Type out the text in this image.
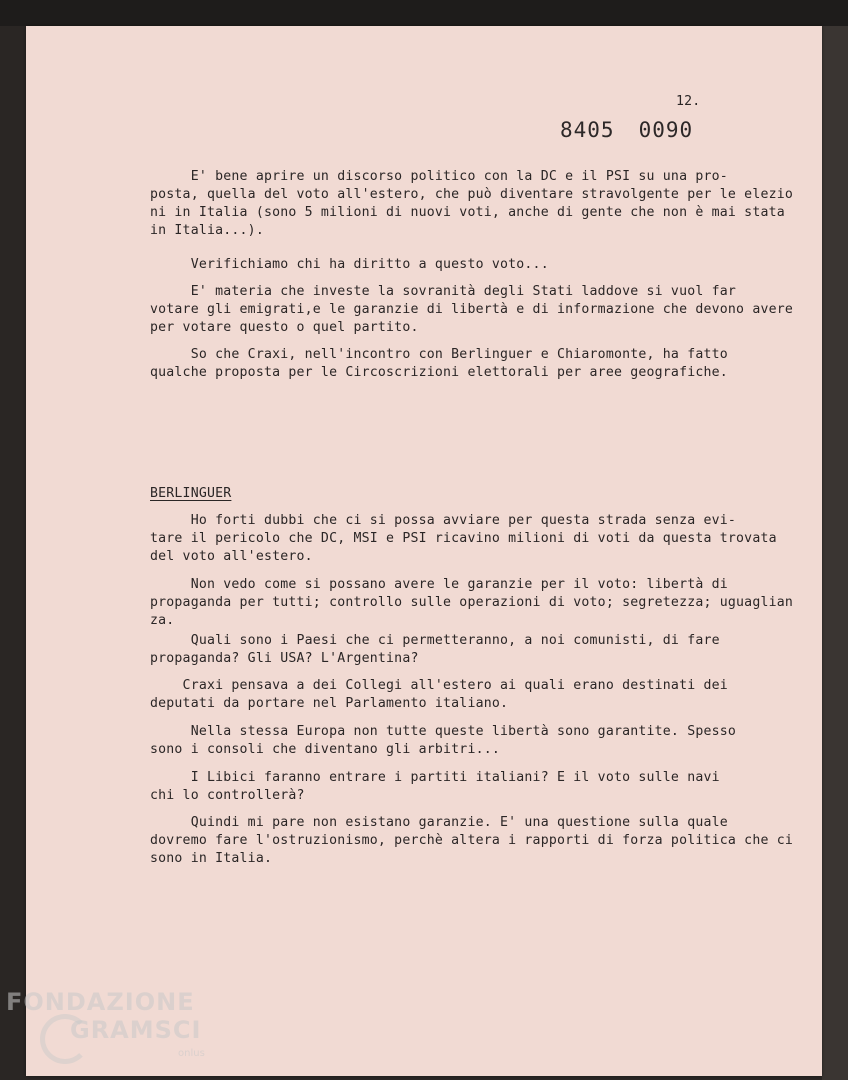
12.
8405 0090
E' bene aprire un discorso politico con la DC e il PSI su una pro-
posta, quella del voto all'estero, che può diventare stravolgente per le elezio
ni in Italia (sono 5 milioni di nuovi voti, anche di gente che non è mai stata
in Italia...).
Verifichiamo chi ha diritto a questo voto...
E' materia che investe la sovranità degli Stati laddove si vuol far
votare gli emigrati,e le garanzie di libertà e di informazione che devono avere
per votare questo o quel partito.
So che Craxi, nell'incontro con Berlinguer e Chiaromonte, ha fatto
qualche proposta per le Circoscrizioni elettorali per aree geografiche.
BERLINGUER
Ho forti dubbi che ci si possa avviare per questa strada senza evi-
tare il pericolo che DC, MSI e PSI ricavino milioni di voti da questa trovata
del voto all'estero.
Non vedo come si possano avere le garanzie per il voto: libertà di
propaganda per tutti; controllo sulle operazioni di voto; segretezza; uguaglian
za.
Quali sono i Paesi che ci permetteranno, a noi comunisti, di fare
propaganda? Gli USA? L'Argentina?
Craxi pensava a dei Collegi all'estero ai quali erano destinati dei
deputati da portare nel Parlamento italiano.
Nella stessa Europa non tutte queste libertà sono garantite. Spesso
sono i consoli che diventano gli arbitri...
I Libici faranno entrare i partiti italiani? E il voto sulle navi
chi lo controllerà?
Quindi mi pare non esistano garanzie. E' una questione sulla quale
dovremo fare l'ostruzionismo, perchè altera i rapporti di forza politica che ci
sono in Italia.
FONDAZIONE
GRAMSCI
onlus
